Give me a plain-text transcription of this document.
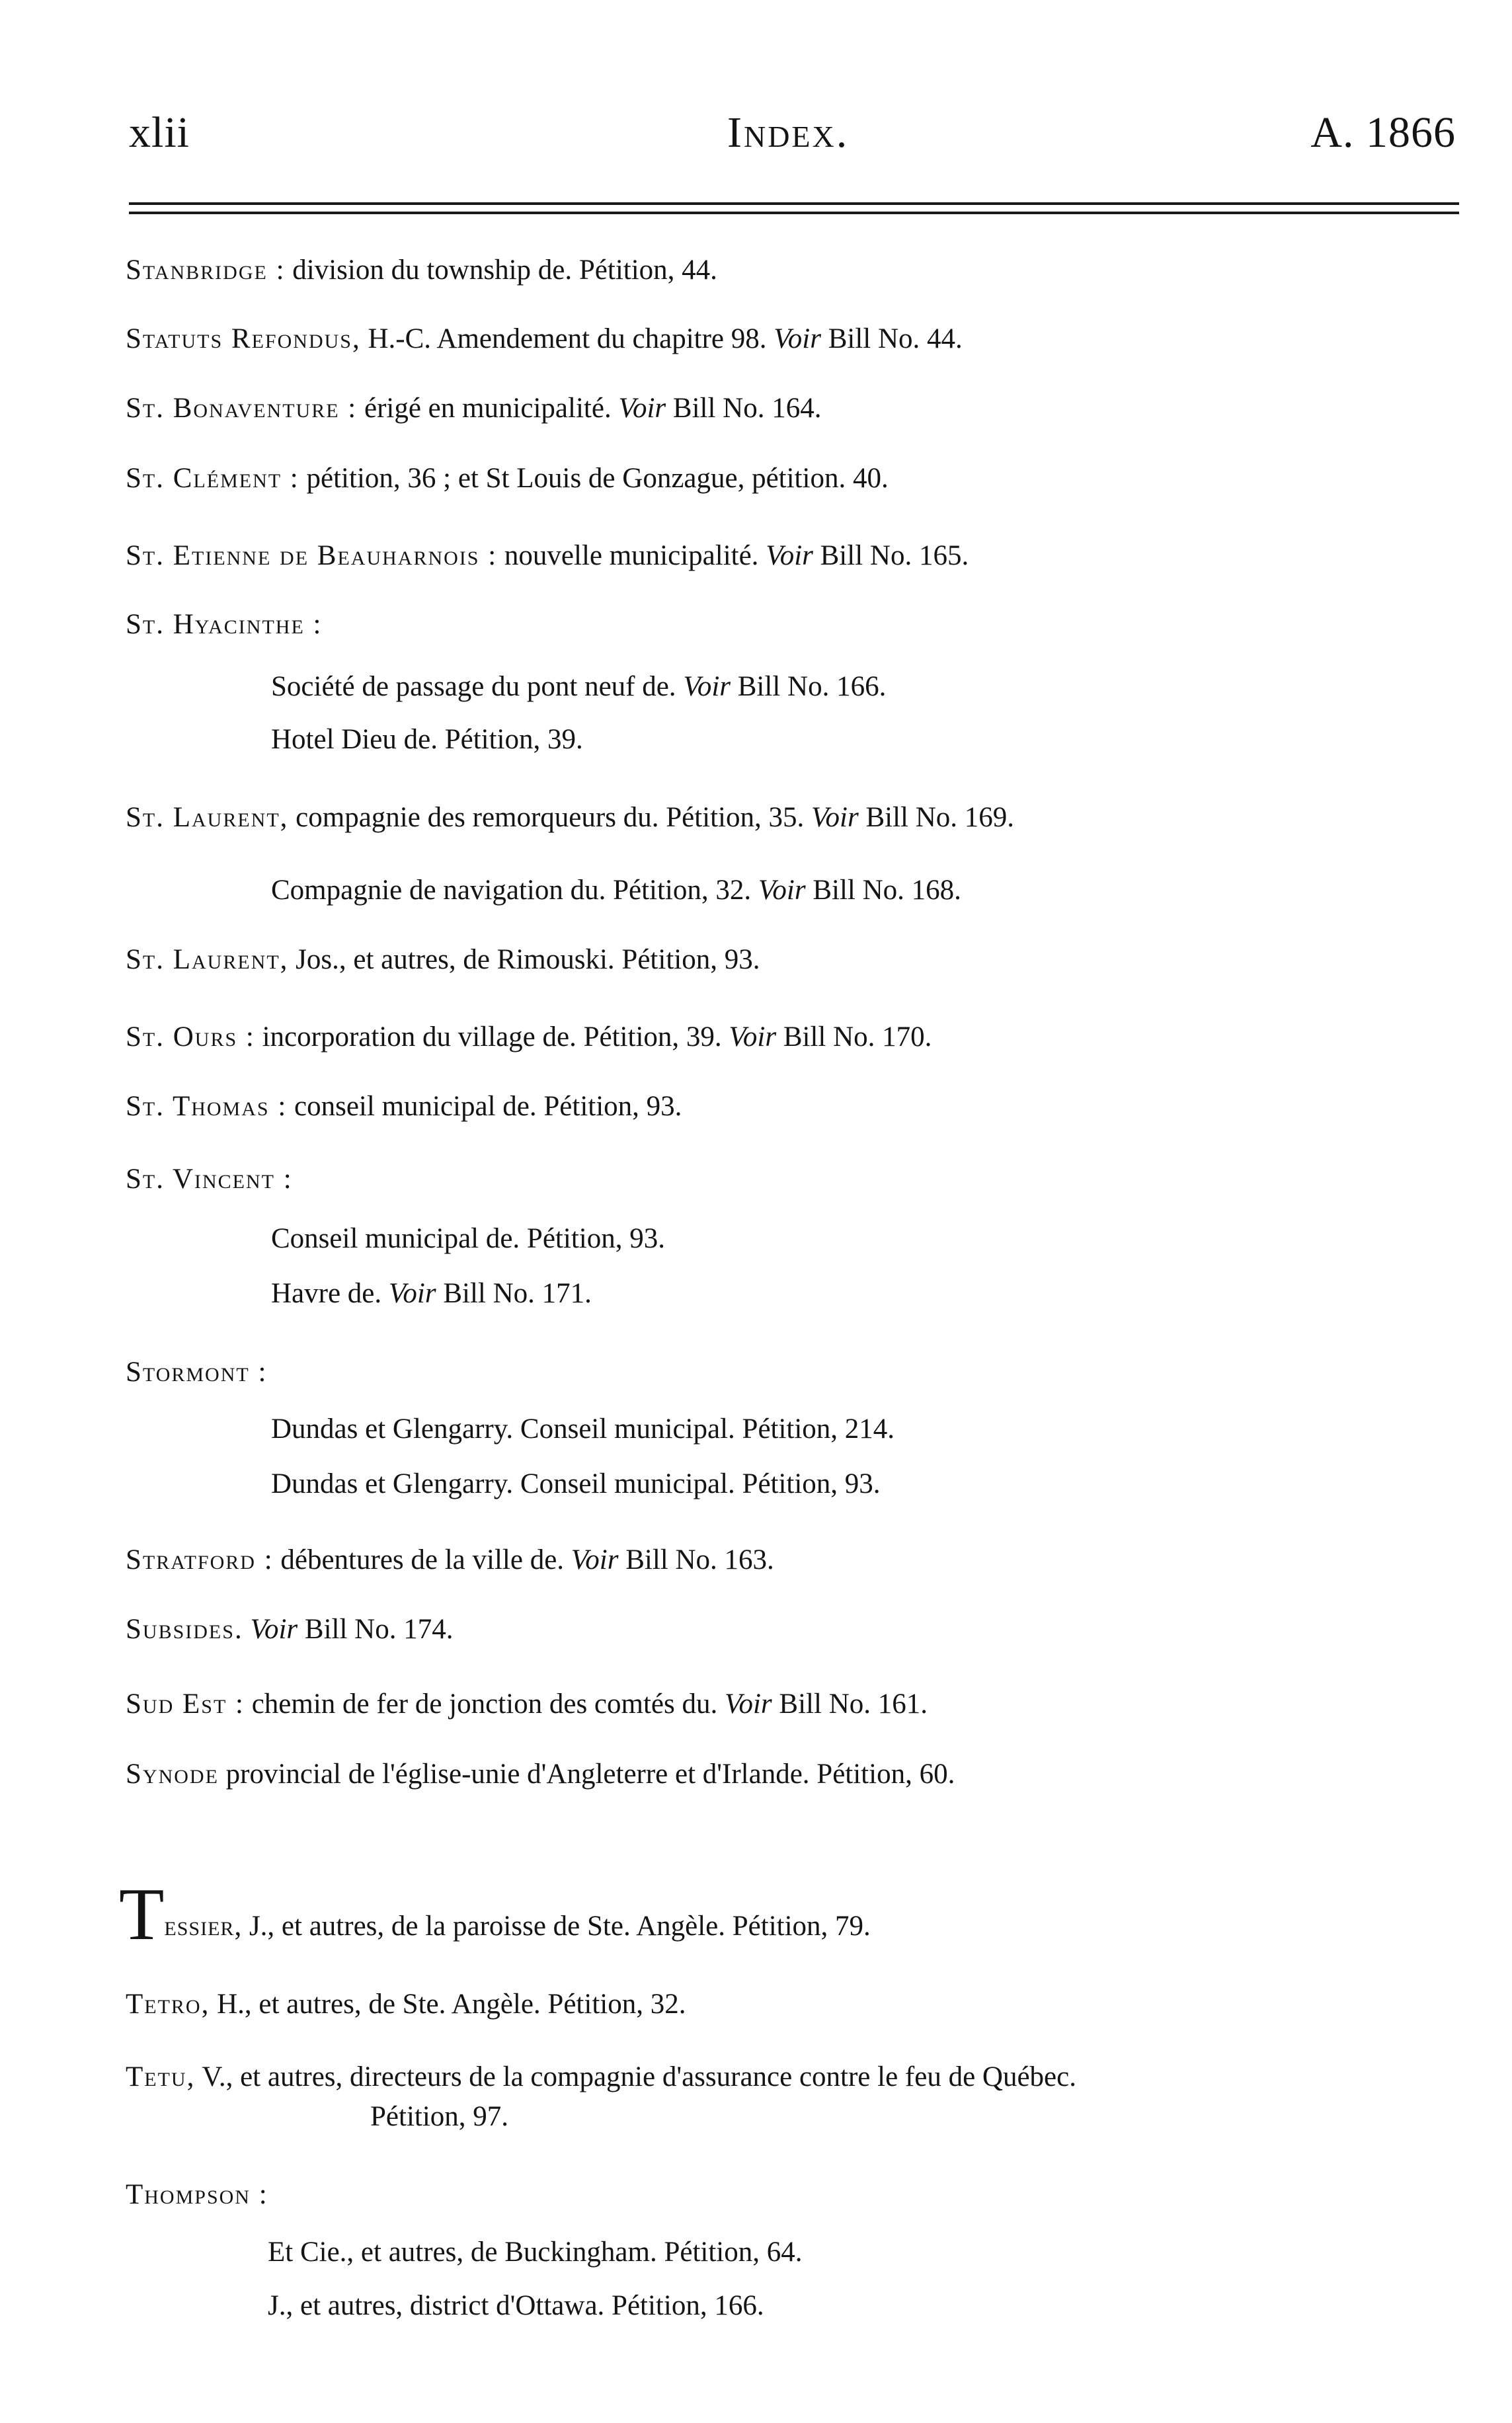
xlii	Index.	A. 1866
Stanbridge : division du township de. Pétition, 44.
Statuts Refondus, H.-C. Amendement du chapitre 98. Voir Bill No. 44.
St. Bonaventure : érigé en municipalité. Voir Bill No. 164.
St. Clément : pétition, 36 ; et St Louis de Gonzague, pétition. 40.
St. Etienne de Beauharnois : nouvelle municipalité. Voir Bill No. 165.
St. Hyacinthe :
Société de passage du pont neuf de. Voir Bill No. 166.
Hotel Dieu de. Pétition, 39.
St. Laurent, compagnie des remorqueurs du. Pétition, 35. Voir Bill No. 169.
Compagnie de navigation du. Pétition, 32. Voir Bill No. 168.
St. Laurent, Jos., et autres, de Rimouski. Pétition, 93.
St. Ours : incorporation du village de. Pétition, 39. Voir Bill No. 170.
St. Thomas : conseil municipal de. Pétition, 93.
St. Vincent :
Conseil municipal de. Pétition, 93.
Havre de. Voir Bill No. 171.
Stormont :
Dundas et Glengarry. Conseil municipal. Pétition, 214.
Dundas et Glengarry. Conseil municipal. Pétition, 93.
Stratford : débentures de la ville de. Voir Bill No. 163.
Subsides. Voir Bill No. 174.
Sud Est : chemin de fer de jonction des comtés du. Voir Bill No. 161.
Synode provincial de l'église-unie d'Angleterre et d'Irlande. Pétition, 60.
Tessier, J., et autres, de la paroisse de Ste. Angèle. Pétition, 79.
Tetro, H., et autres, de Ste. Angèle. Pétition, 32.
Tetu, V., et autres, directeurs de la compagnie d'assurance contre le feu de Québec.
Pétition, 97.
Thompson :
Et Cie., et autres, de Buckingham. Pétition, 64.
J., et autres, district d'Ottawa. Pétition, 166.
